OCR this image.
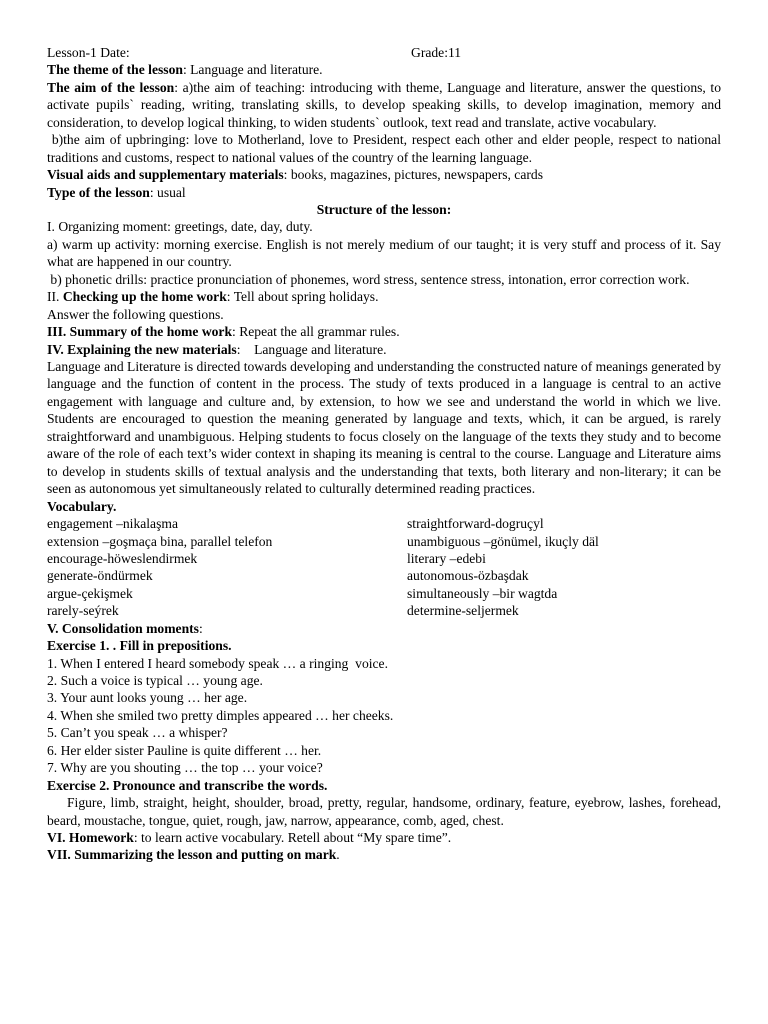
Lesson-1 Date:	Grade:11
The theme of the lesson: Language and literature.
The aim of the lesson: a)the aim of teaching: introducing with theme, Language and literature, answer the questions, to activate pupils` reading, writing, translating skills, to develop speaking skills, to develop imagination, memory and consideration, to develop logical thinking, to widen students` outlook, text read and translate, active vocabulary.
b)the aim of upbringing: love to Motherland, love to President, respect each other and elder people, respect to national traditions and customs, respect to national values of the country of the learning language.
Visual aids and supplementary materials: books, magazines, pictures, newspapers, cards
Type of the lesson: usual
Structure of the lesson:
I. Organizing moment: greetings, date, day, duty.
a) warm up activity: morning exercise. English is not merely medium of our taught; it is very stuff and process of it. Say what are happened in our country.
b) phonetic drills: practice pronunciation of phonemes, word stress, sentence stress, intonation, error correction work.
II. Checking up the home work: Tell about spring holidays.
Answer the following questions.
III. Summary of the home work: Repeat the all grammar rules.
IV. Explaining the new materials:    Language and literature.
Language and Literature is directed towards developing and understanding the constructed nature of meanings generated by language and the function of content in the process. The study of texts produced in a language is central to an active engagement with language and culture and, by extension, to how we see and understand the world in which we live. Students are encouraged to question the meaning generated by language and texts, which, it can be argued, is rarely straightforward and unambiguous. Helping students to focus closely on the language of the texts they study and to become aware of the role of each text’s wider context in shaping its meaning is central to the course. Language and Literature aims to develop in students skills of textual analysis and the understanding that texts, both literary and non-literary; it can be seen as autonomous yet simultaneously related to culturally determined reading practices.
Vocabulary.
engagement –nikalaşma	straightforward-dogruçyl
extension –goşmaça bina, parallel telefon	unambiguous –gönümel, ikuçly däl
encourage-höweslendirmek	literary –edebi
generate-öndürmek	autonomous-özbaşdak
argue-çekişmek	simultaneously –bir wagtda
rarely-seýrek	determine-seljermek
V. Consolidation moments:
Exercise 1. . Fill in prepositions.
1. When I entered I heard somebody speak … a ringing  voice.
2. Such a voice is typical … young age.
3. Your aunt looks young … her age.
4. When she smiled two pretty dimples appeared … her cheeks.
5. Can’t you speak … a whisper?
6. Her elder sister Pauline is quite different … her.
7. Why are you shouting … the top … your voice?
Exercise 2. Pronounce and transcribe the words.
Figure, limb, straight, height, shoulder, broad, pretty, regular, handsome, ordinary, feature, eyebrow, lashes, forehead, beard, moustache, tongue, quiet, rough, jaw, narrow, appearance, comb, aged, chest.
VI. Homework: to learn active vocabulary. Retell about “My spare time”.
VII. Summarizing the lesson and putting on mark.
